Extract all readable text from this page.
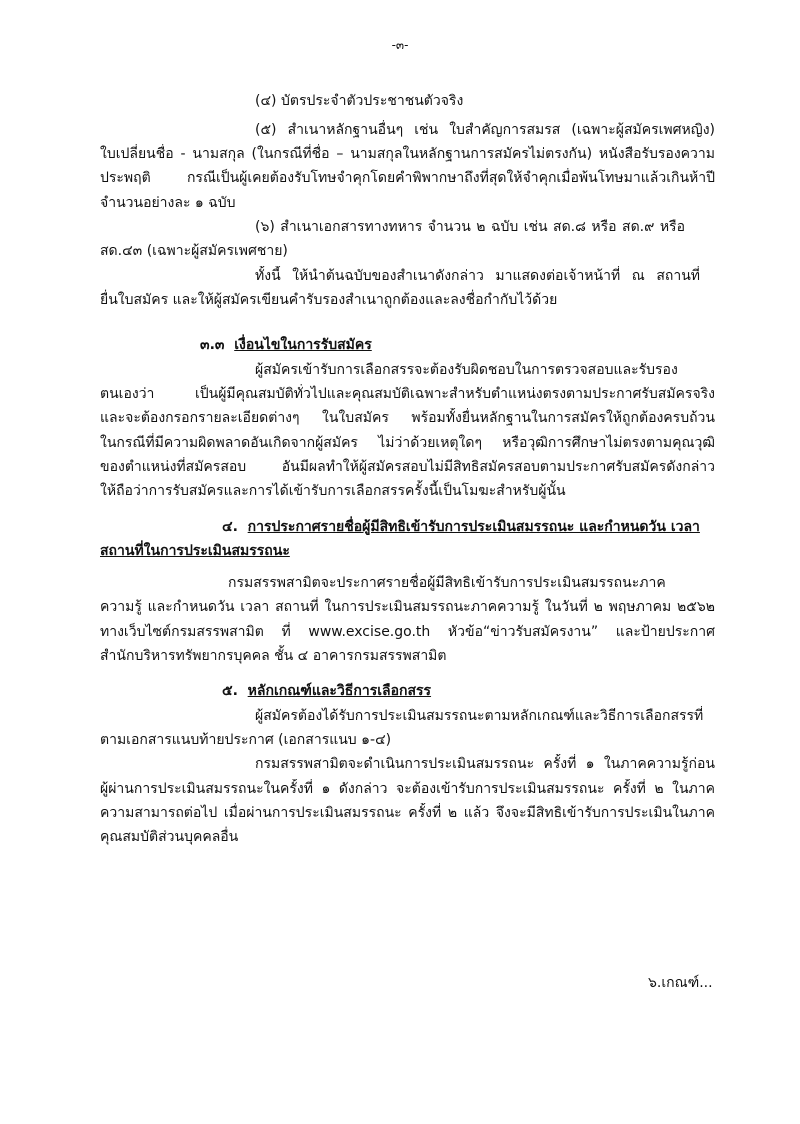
-๓-
(๔) บัตรประจำตัวประชาชนตัวจริง
(๕) สำเนาหลักฐานอื่นๆ เช่น ใบสำคัญการสมรส (เฉพาะผู้สมัครเพศหญิง)
ใบเปลี่ยนชื่อ - นามสกุล (ในกรณีที่ชื่อ – นามสกุลในหลักฐานการสมัครไม่ตรงกัน) หนังสือรับรองความ
ประพฤติ กรณีเป็นผู้เคยต้องรับโทษจำคุกโดยคำพิพากษาถึงที่สุดให้จำคุกเมื่อพ้นโทษมาแล้วเกินห้าปี
จำนวนอย่างละ ๑ ฉบับ
(๖) สำเนาเอกสารทางทหาร จำนวน ๒ ฉบับ เช่น สด.๘ หรือ สด.๙ หรือ
สด.๔๓ (เฉพาะผู้สมัครเพศชาย)
ทั้งนี้ ให้นำต้นฉบับของสำเนาดังกล่าว มาแสดงต่อเจ้าหน้าที่ ณ สถานที่
ยื่นใบสมัคร และให้ผู้สมัครเขียนคำรับรองสำเนาถูกต้องและลงชื่อกำกับไว้ด้วย
๓.๓ เงื่อนไขในการรับสมัคร
ผู้สมัครเข้ารับการเลือกสรรจะต้องรับผิดชอบในการตรวจสอบและรับรอง
ตนเองว่า เป็นผู้มีคุณสมบัติทั่วไปและคุณสมบัติเฉพาะสำหรับตำแหน่งตรงตามประกาศรับสมัครจริง
และจะต้องกรอกรายละเอียดต่างๆ ในใบสมัคร พร้อมทั้งยื่นหลักฐานในการสมัครให้ถูกต้องครบถ้วน
ในกรณีที่มีความผิดพลาดอันเกิดจากผู้สมัคร ไม่ว่าด้วยเหตุใดๆ หรือวุฒิการศึกษาไม่ตรงตามคุณวุฒิ
ของตำแหน่งที่สมัครสอบ อันมีผลทำให้ผู้สมัครสอบไม่มีสิทธิสมัครสอบตามประกาศรับสมัครดังกล่าว
ให้ถือว่าการรับสมัครและการได้เข้ารับการเลือกสรรครั้งนี้เป็นโมฆะสำหรับผู้นั้น
๔. การประกาศรายชื่อผู้มีสิทธิเข้ารับการประเมินสมรรถนะ และกำหนดวัน เวลา
สถานที่ในการประเมินสมรรถนะ
กรมสรรพสามิตจะประกาศรายชื่อผู้มีสิทธิเข้ารับการประเมินสมรรถนะภาค
ความรู้ และกำหนดวัน เวลา สถานที่ ในการประเมินสมรรถนะภาคความรู้ ในวันที่ ๒ พฤษภาคม ๒๕๖๒
ทางเว็บไซต์กรมสรรพสามิต ที่ www.excise.go.th หัวข้อ“ข่าวรับสมัครงาน” และป้ายประกาศ
สำนักบริหารทรัพยากรบุคคล ชั้น ๔ อาคารกรมสรรพสามิต
๕. หลักเกณฑ์และวิธีการเลือกสรร
ผู้สมัครต้องได้รับการประเมินสมรรถนะตามหลักเกณฑ์และวิธีการเลือกสรรที่
ตามเอกสารแนบท้ายประกาศ (เอกสารแนบ ๑-๔)
กรมสรรพสามิตจะดำเนินการประเมินสมรรถนะ ครั้งที่ ๑ ในภาคความรู้ก่อน
ผู้ผ่านการประเมินสมรรถนะในครั้งที่ ๑ ดังกล่าว จะต้องเข้ารับการประเมินสมรรถนะ ครั้งที่ ๒ ในภาค
ความสามารถต่อไป เมื่อผ่านการประเมินสมรรถนะ ครั้งที่ ๒ แล้ว จึงจะมีสิทธิเข้ารับการประเมินในภาค
คุณสมบัติส่วนบุคคลอื่น
๖.เกณฑ์...
